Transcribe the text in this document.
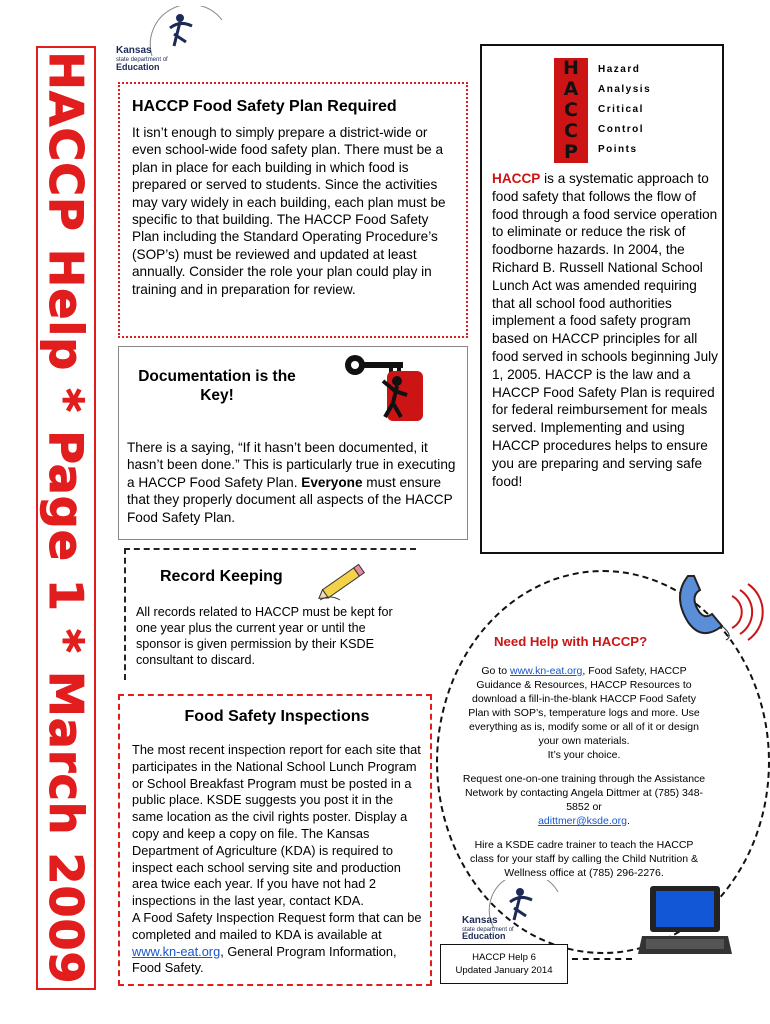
HACCP Help * Page 1 * March 2009
Kansas
state department of
Education
HACCP Food Safety Plan Required

It isn’t enough to simply prepare a district-wide or even school-wide food safety plan. There must be a plan in place for each building in which food is prepared or served to students. Since the activities may vary widely in each building, each plan must be specific to that building. The HACCP Food Safety Plan including the Standard Operating Procedure’s (SOP’s) must be reviewed and updated at least annually. Consider the role your plan could play in training and in preparation for review.

Documentation is the Key!

There is a saying, “If it hasn’t been documented, it hasn’t been done.” This is particularly true in executing a HACCP Food Safety Plan. Everyone must ensure that they properly document all aspects of the HACCP Food Safety Plan.

Record Keeping

All records related to HACCP must be kept for one year plus the current year or until the sponsor is given permission by their KSDE consultant to discard.

Food Safety Inspections

The most recent inspection report for each site that participates in the National School Lunch Program or School Breakfast Program must be posted in a public place. KSDE suggests you post it in the same location as the civil rights poster. Display a copy and keep a copy on file. The Kansas Department of Agriculture (KDA) is required to inspect each school serving site and production area twice each year. If you have not had 2 inspections in the last year, contact KDA.

A Food Safety Inspection Request form that can be completed and mailed to KDA is available at www.kn-eat.org, General Program Information, Food Safety.

H
A
C
C
P
Hazard
Analysis
Critical
Control
Points

HACCP is a systematic approach to food safety that follows the flow of food through a food service operation to eliminate or reduce the risk of foodborne hazards. In 2004, the Richard B. Russell National School Lunch Act was amended requiring that all school food authorities implement a food safety program based on HACCP principles for all food served in schools beginning July 1, 2005. HACCP is the law and a HACCP Food Safety Plan is required for federal reimbursement for meals served. Implementing and using HACCP procedures helps to ensure you are preparing and serving safe food!

Need Help with HACCP?
Go to www.kn-eat.org, Food Safety, HACCP Guidance & Resources, HACCP Resources to download a fill-in-the-blank HACCP Food Safety Plan with SOP’s, temperature logs and more. Use everything as is, modify some or all of it or design your own materials.
It’s your choice.
Request one-on-one training through the Assistance Network by contacting Angela Dittmer at (785) 348-5852 or
adittmer@ksde.org.
Hire a KSDE cadre trainer to teach the HACCP class for your staff by calling the Child Nutrition & Wellness office at (785) 296-2276.
Kansas
state department of
Education
HACCP Help 6
Updated January 2014
